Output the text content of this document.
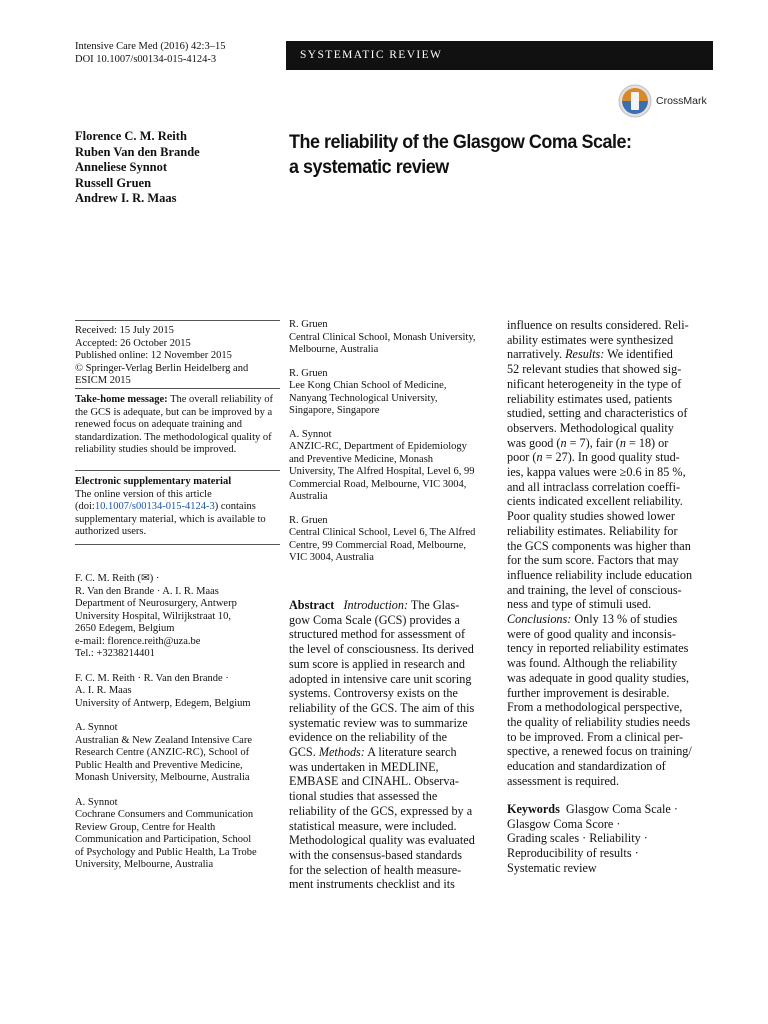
Intensive Care Med (2016) 42:3–15
DOI 10.1007/s00134-015-4124-3	SYSTEMATIC REVIEW
CrossMark
Florence C. M. Reith
Ruben Van den Brande
Anneliese Synnot
Russell Gruen
Andrew I. R. Maas
The reliability of the Glasgow Coma Scale:
a systematic review
Received: 15 July 2015
Accepted: 26 October 2015
Published online: 12 November 2015
© Springer-Verlag Berlin Heidelberg and
ESICM 2015
Take-home message: The overall reliability of the GCS is adequate, but can be improved by a renewed focus on adequate training and standardization. The methodological quality of reliability studies should be improved.
Electronic supplementary material
The online version of this article
(doi:10.1007/s00134-015-4124-3) contains supplementary material, which is available to authorized users.
F. C. M. Reith (✉) ·
R. Van den Brande · A. I. R. Maas
Department of Neurosurgery, Antwerp
University Hospital, Wilrijkstraat 10,
2650 Edegem, Belgium
e-mail: florence.reith@uza.be
Tel.: +3238214401
F. C. M. Reith · R. Van den Brande ·
A. I. R. Maas
University of Antwerp, Edegem, Belgium
A. Synnot
Australian & New Zealand Intensive Care
Research Centre (ANZIC-RC), School of
Public Health and Preventive Medicine,
Monash University, Melbourne, Australia
A. Synnot
Cochrane Consumers and Communication
Review Group, Centre for Health
Communication and Participation, School
of Psychology and Public Health, La Trobe
University, Melbourne, Australia
R. Gruen
Central Clinical School, Monash University,
Melbourne, Australia
R. Gruen
Lee Kong Chian School of Medicine,
Nanyang Technological University,
Singapore, Singapore
A. Synnot
ANZIC-RC, Department of Epidemiology
and Preventive Medicine, Monash
University, The Alfred Hospital, Level 6, 99
Commercial Road, Melbourne, VIC 3004,
Australia
R. Gruen
Central Clinical School, Level 6, The Alfred
Centre, 99 Commercial Road, Melbourne,
VIC 3004, Australia
Abstract Introduction: The Glas-
gow Coma Scale (GCS) provides a
structured method for assessment of
the level of consciousness. Its derived
sum score is applied in research and
adopted in intensive care unit scoring
systems. Controversy exists on the
reliability of the GCS. The aim of this
systematic review was to summarize
evidence on the reliability of the
GCS. Methods: A literature search
was undertaken in MEDLINE,
EMBASE and CINAHL. Observa-
tional studies that assessed the
reliability of the GCS, expressed by a
statistical measure, were included.
Methodological quality was evaluated
with the consensus-based standards
for the selection of health measure-
ment instruments checklist and its
influence on results considered. Reli-
ability estimates were synthesized
narratively. Results: We identified
52 relevant studies that showed sig-
nificant heterogeneity in the type of
reliability estimates used, patients
studied, setting and characteristics of
observers. Methodological quality
was good (n = 7), fair (n = 18) or
poor (n = 27). In good quality stud-
ies, kappa values were ≥0.6 in 85 %,
and all intraclass correlation coeffi-
cients indicated excellent reliability.
Poor quality studies showed lower
reliability estimates. Reliability for
the GCS components was higher than
for the sum score. Factors that may
influence reliability include education
and training, the level of conscious-
ness and type of stimuli used.
Conclusions: Only 13 % of studies
were of good quality and inconsis-
tency in reported reliability estimates
was found. Although the reliability
was adequate in good quality studies,
further improvement is desirable.
From a methodological perspective,
the quality of reliability studies needs
to be improved. From a clinical per-
spective, a renewed focus on training/
education and standardization of
assessment is required.
Keywords Glasgow Coma Scale ·
Glasgow Coma Score ·
Grading scales · Reliability ·
Reproducibility of results ·
Systematic review
